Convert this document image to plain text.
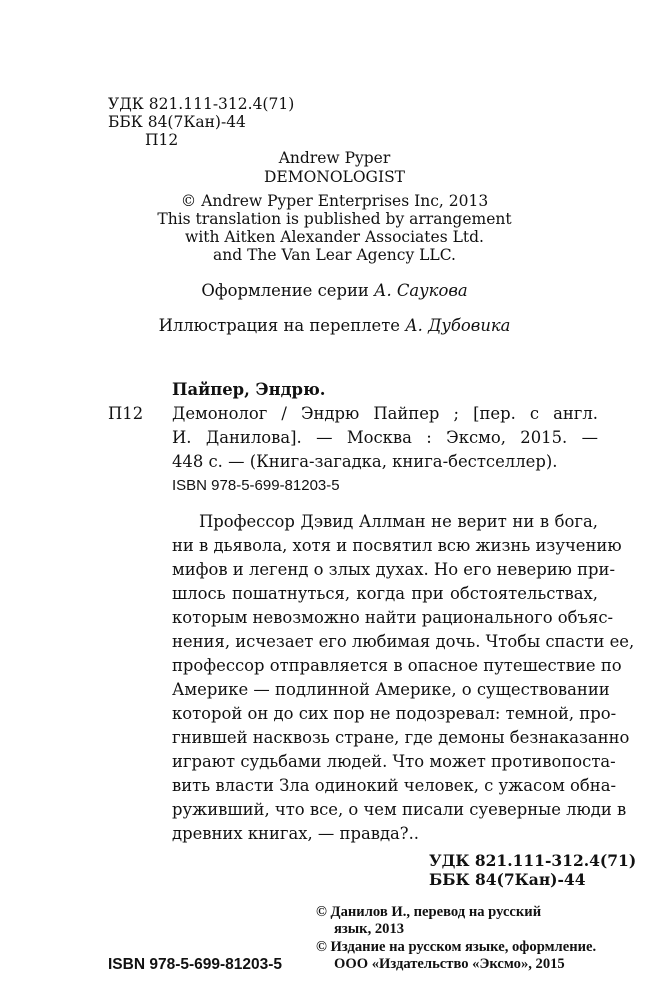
УДК 821.111-312.4(71)
ББК 84(7Кан)-44
П12
Andrew Pyper
DEMONOLOGIST
© Andrew Pyper Enterprises Inc, 2013
This translation is published by arrangement
with Aitken Alexander Associates Ltd.
and The Van Lear Agency LLC.
Оформление серии А. Саукова
Иллюстрация на переплете А. Дубовика
Пайпер, Эндрю.
П12 Демонолог / Эндрю Пайпер ; [пер. с англ.
И. Данилова]. — Москва : Эксмо, 2015. —
448 с. — (Книга-загадка, книга-бестселлер).
ISBN 978-5-699-81203-5
Профессор Дэвид Аллман не верит ни в бога,
ни в дьявола, хотя и посвятил всю жизнь изучению
мифов и легенд о злых духах. Но его неверию при-
шлось пошатнуться, когда при обстоятельствах,
которым невозможно найти рационального объяс-
нения, исчезает его любимая дочь. Чтобы спасти ее,
профессор отправляется в опасное путешествие по
Америке — подлинной Америке, о существовании
которой он до сих пор не подозревал: темной, про-
гнившей насквозь стране, где демоны безнаказанно
играют судьбами людей. Что может противопоста-
вить власти Зла одинокий человек, с ужасом обна-
руживший, что все, о чем писали суеверные люди в
древних книгах, — правда?..
УДК 821.111-312.4(71)
ББК 84(7Кан)-44
© Данилов И., перевод на русский
язык, 2013
© Издание на русском языке, оформление.
ООО «Издательство «Эксмо», 2015
ISBN 978-5-699-81203-5
